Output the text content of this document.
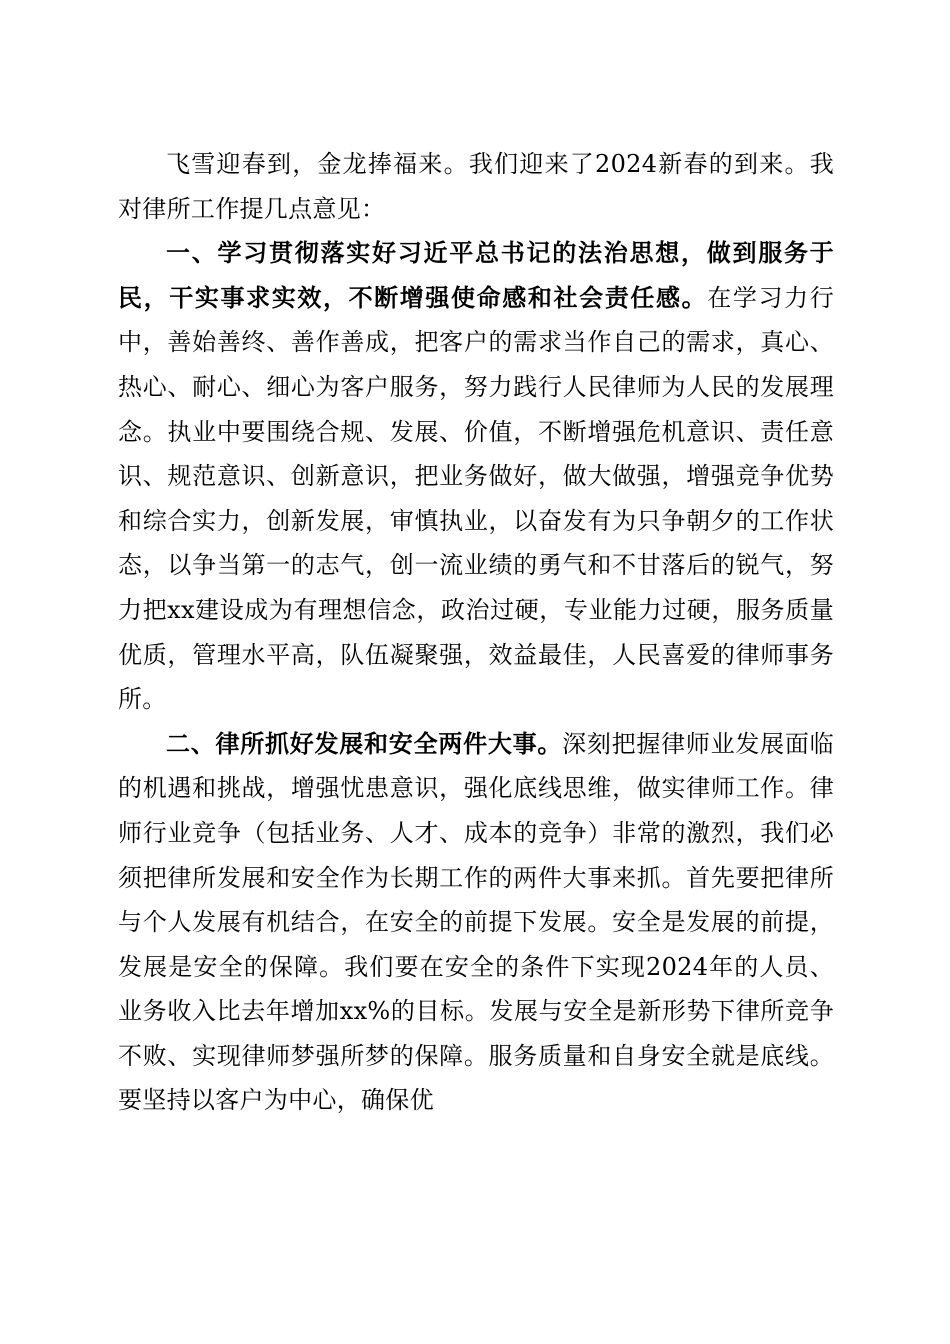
飞雪迎春到，金龙捧福来。我们迎来了2024新春的到来。我对律所工作提几点意见：

一、学习贯彻落实好习近平总书记的法治思想，做到服务于民，干实事求实效，不断增强使命感和社会责任感。在学习力行中，善始善终、善作善成，把客户的需求当作自己的需求，真心、热心、耐心、细心为客户服务，努力践行人民律师为人民的发展理念。执业中要围绕合规、发展、价值，不断增强危机意识、责任意识、规范意识、创新意识，把业务做好，做大做强，增强竞争优势和综合实力，创新发展，审慎执业，以奋发有为只争朝夕的工作状态，以争当第一的志气，创一流业绩的勇气和不甘落后的锐气，努力把xx建设成为有理想信念，政治过硬，专业能力过硬，服务质量优质，管理水平高，队伍凝聚强，效益最佳，人民喜爱的律师事务所。

二、律所抓好发展和安全两件大事。深刻把握律师业发展面临的机遇和挑战，增强忧患意识，强化底线思维，做实律师工作。律师行业竞争（包括业务、人才、成本的竞争）非常的激烈，我们必须把律所发展和安全作为长期工作的两件大事来抓。首先要把律所与个人发展有机结合，在安全的前提下发展。安全是发展的前提，发展是安全的保障。我们要在安全的条件下实现2024年的人员、业务收入比去年增加xx%的目标。发展与安全是新形势下律所竞争不败、实现律师梦强所梦的保障。服务质量和自身安全就是底线。要坚持以客户为中心，确保优
